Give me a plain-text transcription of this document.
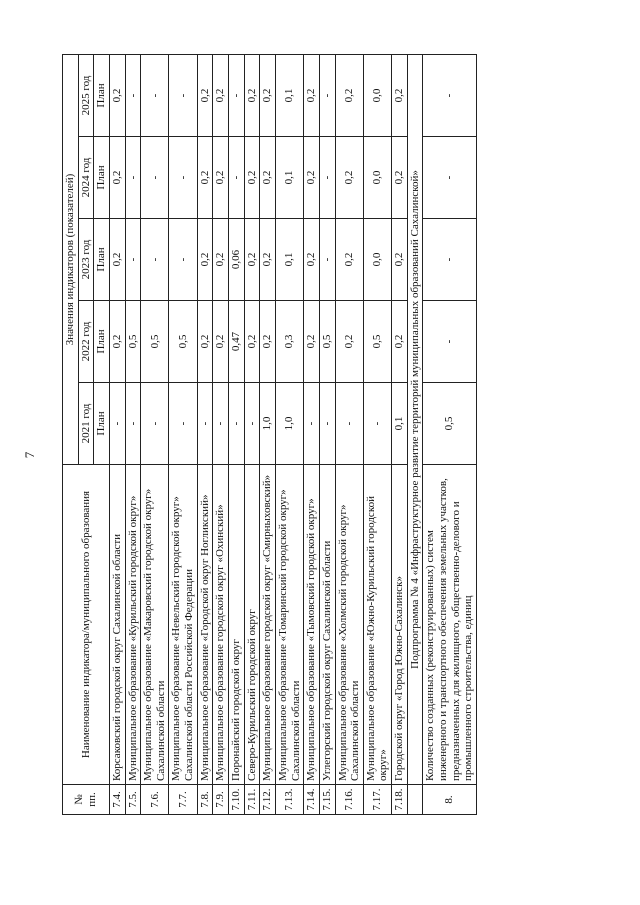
7
№ пп.	Наименование индикатора/муниципального образования	Значения индикаторов (показателей)				
		2021 год	2022 год	2023 год	2024 год	2025 год
		План	План	План	План	План
7.4.	Корсаковский городской округ Сахалинской области	-	0,2	0,2	0,2	0,2
7.5.	Муниципальное образование «Курильский городской округ»	-	0,5	-	-	-
7.6.	Муниципальное образование «Макаровский городской округ» Сахалинской области	-	0,5	-	-	-
7.7.	Муниципальное образование «Невельский городской округ» Сахалинской области Российской Федерации	-	0,5	-	-	-
7.8.	Муниципальное образование «Городской округ Ногликский»	-	0,2	0,2	0,2	0,2
7.9.	Муниципальное образование городской округ «Охинский»	-	0,2	0,2	0,2	0,2
7.10.	Поронайский городской округ	-	0,47	0,06	-	-
7.11.	Северо-Курильский городской округ	-	0,2	0,2	0,2	0,2
7.12.	Муниципальное образование городской округ «Смирныховский»	1,0	0,2	0,2	0,2	0,2
7.13.	Муниципальное образование «Томаринский городской округ» Сахалинской области	1,0	0,3	0,1	0,1	0,1
7.14.	Муниципальное образование «Тымовский городской округ»	-	0,2	0,2	0,2	0,2
7.15.	Углегорский городской округ Сахалинской области	-	0,5	-	-	-
7.16.	Муниципальное образование «Холмский городской округ» Сахалинской области	-	0,2	0,2	0,2	0,2
7.17.	Муниципальное образование «Южно-Курильский городской округ»	-	0,5	0,0	0,0	0,0
7.18.	Городской округ «Город Южно-Сахалинск»	0,1	0,2	0,2	0,2	0,2
	Подпрограмма № 4 «Инфраструктурное развитие территорий муниципальных образований Сахалинской»					
8.	Количество созданных (реконструированных) систем инженерного и транспортного обеспечения земельных участков, предназначенных для жилищного, общественно-делового и промышленного строительства, единиц	0,5	-	-	-	-
